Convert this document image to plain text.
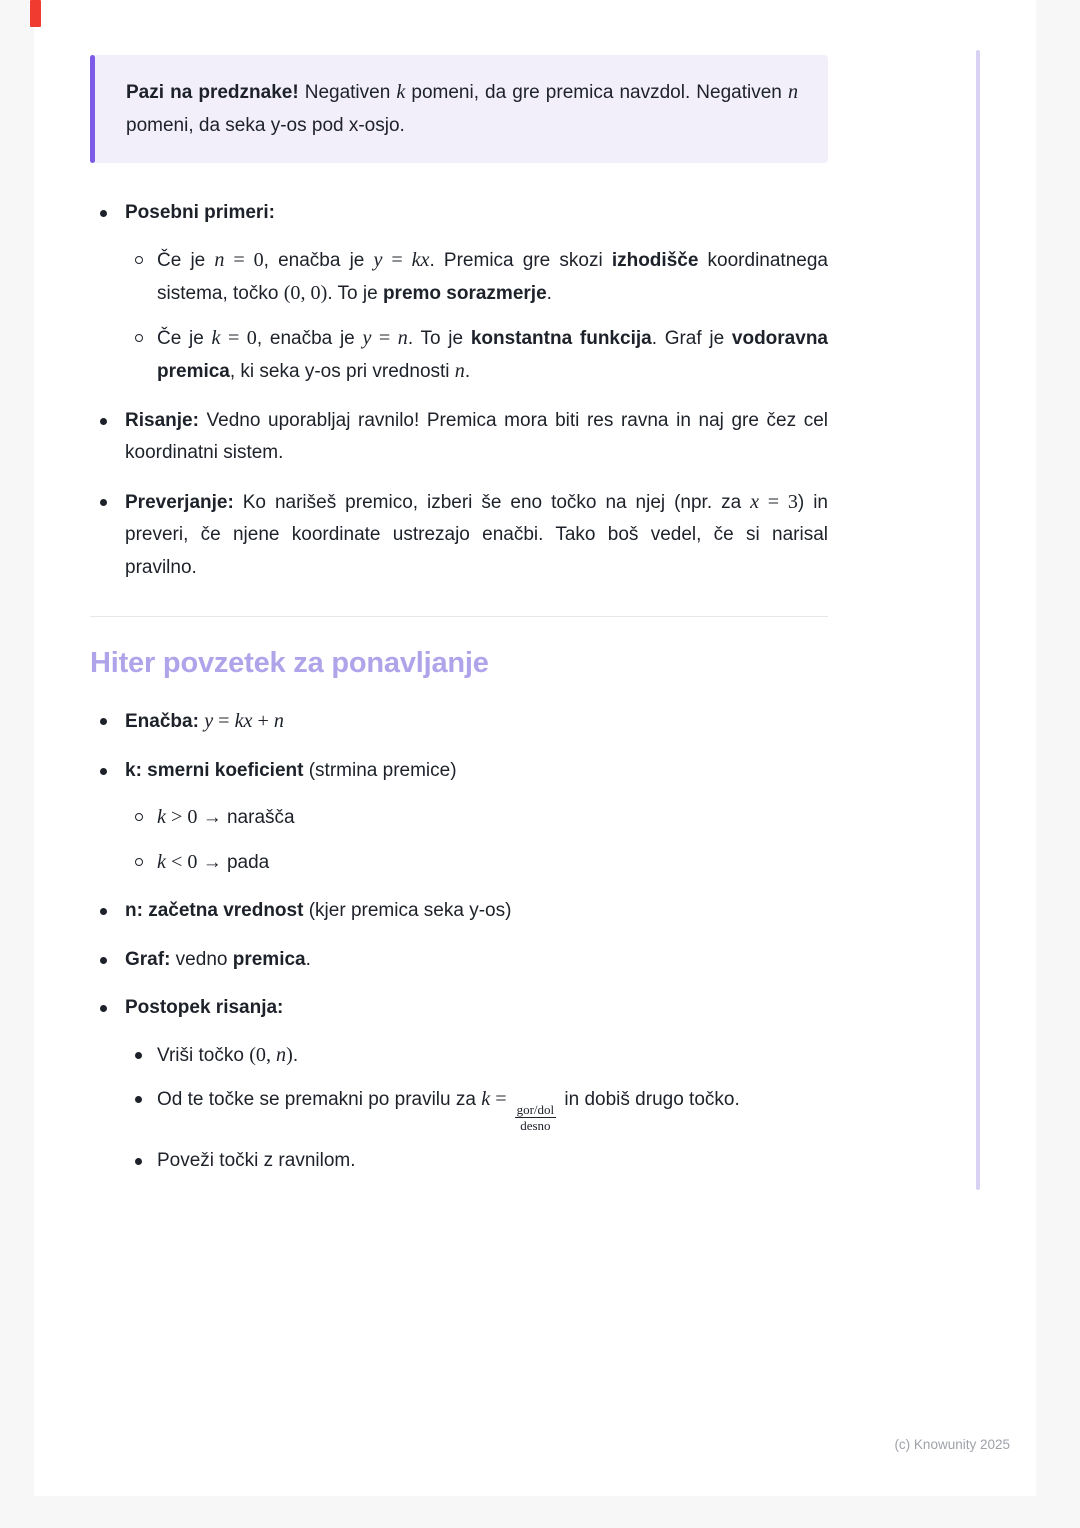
Pazi na predznake! Negativen k pomeni, da gre premica navzdol. Negativen n pomeni, da seka y-os pod x-osjo.

Posebni primeri:

Če je n = 0, enačba je y = kx. Premica gre skozi izhodišče koordinatnega sistema, točko (0, 0). To je premo sorazmerje.

Če je k = 0, enačba je y = n. To je konstantna funkcija. Graf je vodoravna premica, ki seka y-os pri vrednosti n.

Risanje: Vedno uporabljaj ravnilo! Premica mora biti res ravna in naj gre čez cel koordinatni sistem.

Preverjanje: Ko narišeš premico, izberi še eno točko na njej (npr. za x = 3) in preveri, če njene koordinate ustrezajo enačbi. Tako boš vedel, če si narisal pravilno.

Hiter povzetek za ponavljanje

Enačba: y = kx + n

k: smerni koeficient (strmina premice)

k > 0 → narašča

k < 0 → pada

n: začetna vrednost (kjer premica seka y-os)

Graf: vedno premica.

Postopek risanja:

Vriši točko (0, n).

Od te točke se premakni po pravilu za k =
$\frac{\text{gor/dol}}{\text{desno}}$
in dobiš drugo točko.

Poveži točki z ravnilom.

(c) Knowunity 2025
